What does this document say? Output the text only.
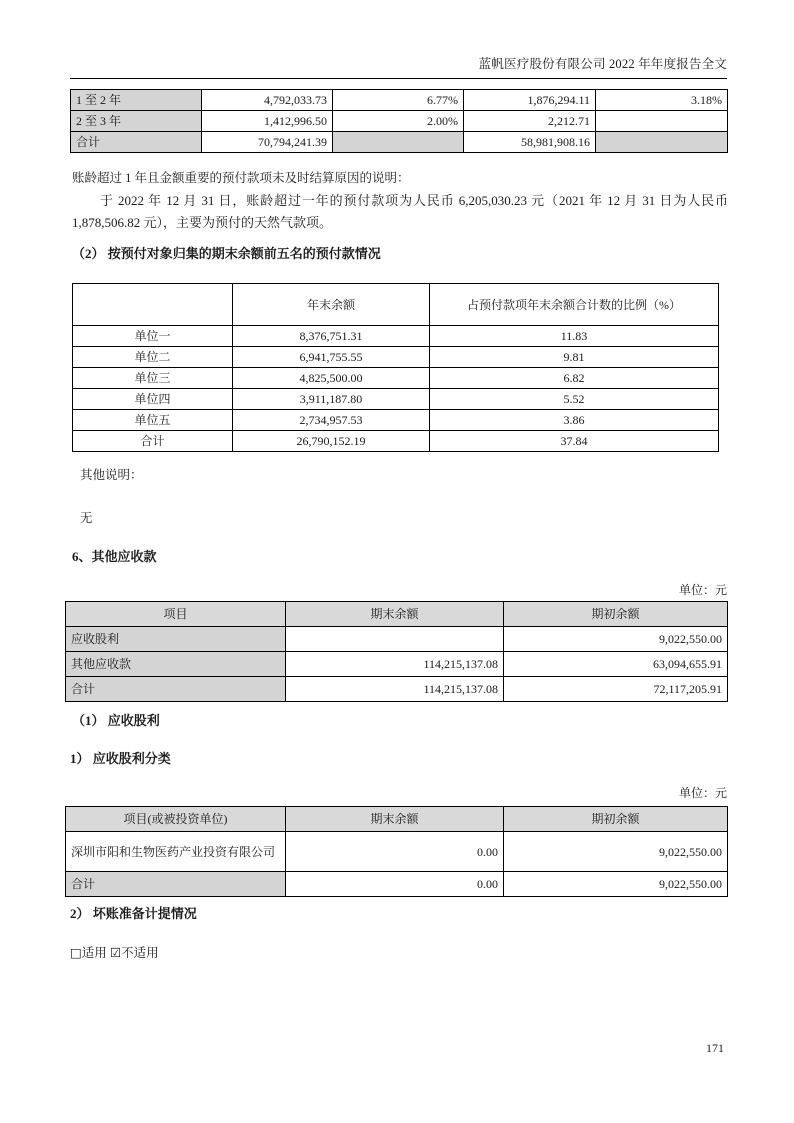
蓝帆医疗股份有限公司 2022 年年度报告全文
1 至 2 年	4,792,033.73	6.77%	1,876,294.11	3.18%
2 至 3 年	1,412,996.50	2.00%	2,212.71	
合计	70,794,241.39		58,981,908.16	
账龄超过 1 年且金额重要的预付款项未及时结算原因的说明：
于 2022 年 12 月 31 日，账龄超过一年的预付款项为人民币 6,205,030.23 元（2021 年 12 月 31 日为人民币 1,878,506.82 元），主要为预付的天然气款项。
（2） 按预付对象归集的期末余额前五名的预付款情况
	年末余额	占预付款项年末余额合计数的比例（%）
单位一	8,376,751.31	11.83
单位二	6,941,755.55	9.81
单位三	4,825,500.00	6.82
单位四	3,911,187.80	5.52
单位五	2,734,957.53	3.86
合计	26,790,152.19	37.84
其他说明：
无
6、其他应收款
单位：元
项目	期末余额	期初余额
应收股利		9,022,550.00
其他应收款	114,215,137.08	63,094,655.91
合计	114,215,137.08	72,117,205.91
（1） 应收股利
1） 应收股利分类
单位：元
项目(或被投资单位)	期末余额	期初余额
深圳市阳和生物医药产业投资有限公司	0.00	9,022,550.00
合计	0.00	9,022,550.00
2） 坏账准备计提情况
□适用 ☑不适用
171
